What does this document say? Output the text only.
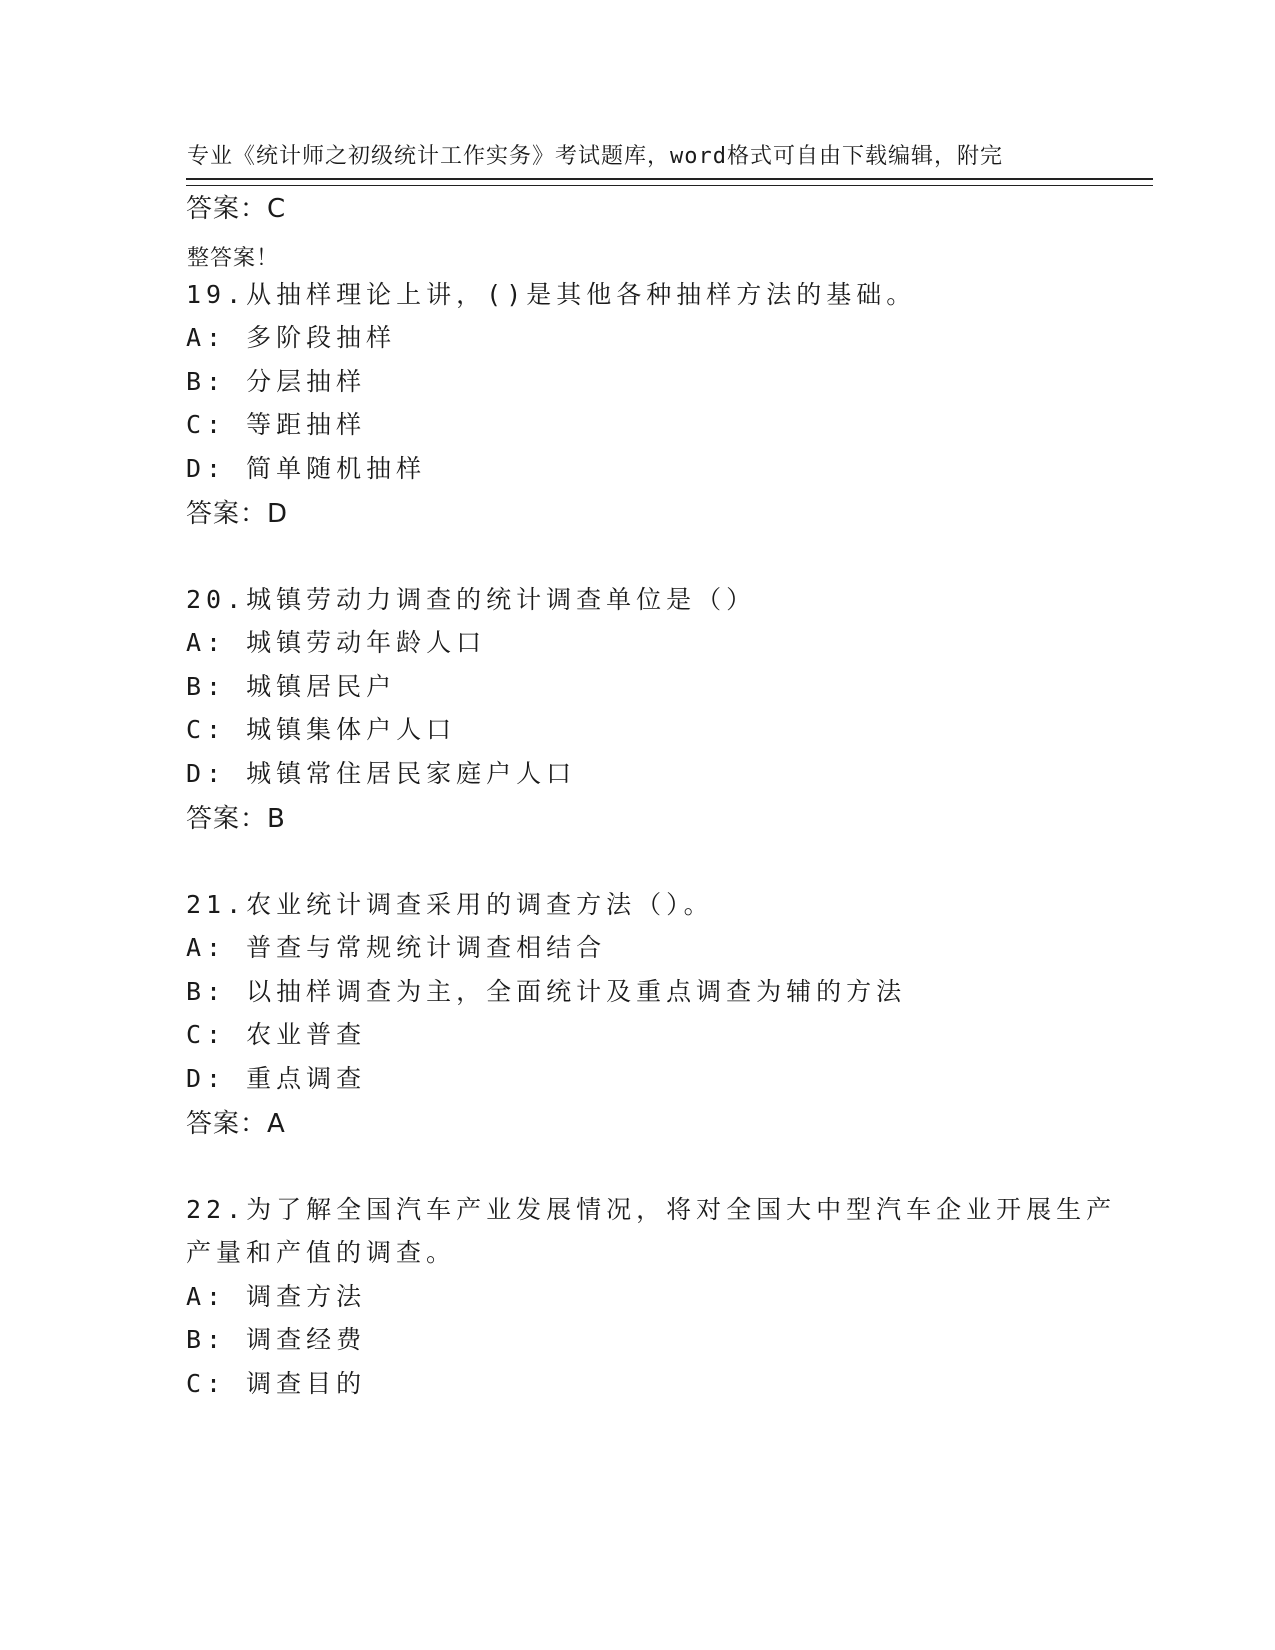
专业《统计师之初级统计工作实务》考试题库，word格式可自由下载编辑，附完

整答案！

答案：C
19.从抽样理论上讲，()是其他各种抽样方法的基础。
A: 多阶段抽样
B: 分层抽样
C: 等距抽样
D: 简单随机抽样
答案：D
20.城镇劳动力调查的统计调查单位是（）
A: 城镇劳动年龄人口
B: 城镇居民户
C: 城镇集体户人口
D: 城镇常住居民家庭户人口
答案：B
21.农业统计调查采用的调查方法（）。
A: 普查与常规统计调查相结合
B: 以抽样调查为主，全面统计及重点调查为辅的方法
C: 农业普查
D: 重点调查
答案：A
22.为了解全国汽车产业发展情况，将对全国大中型汽车企业开展生产
产量和产值的调查。
A: 调查方法
B: 调查经费
C: 调查目的
